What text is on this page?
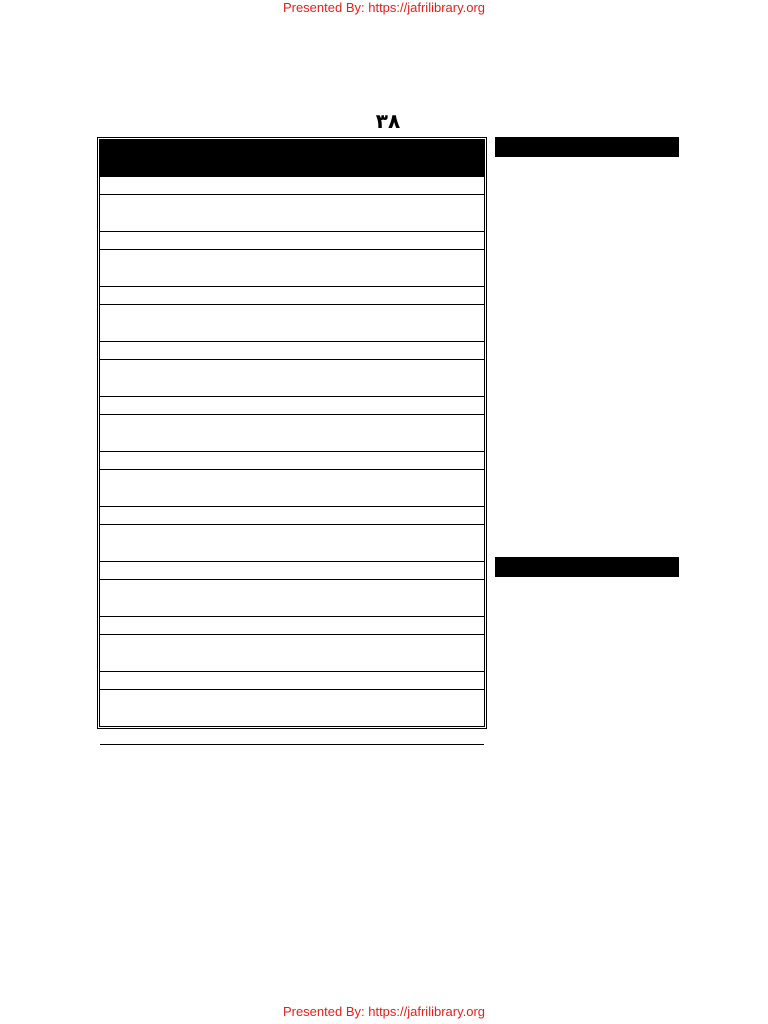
Presented By: https://jafrilibrary.org
۳۸

Presented By: https://jafrilibrary.org
